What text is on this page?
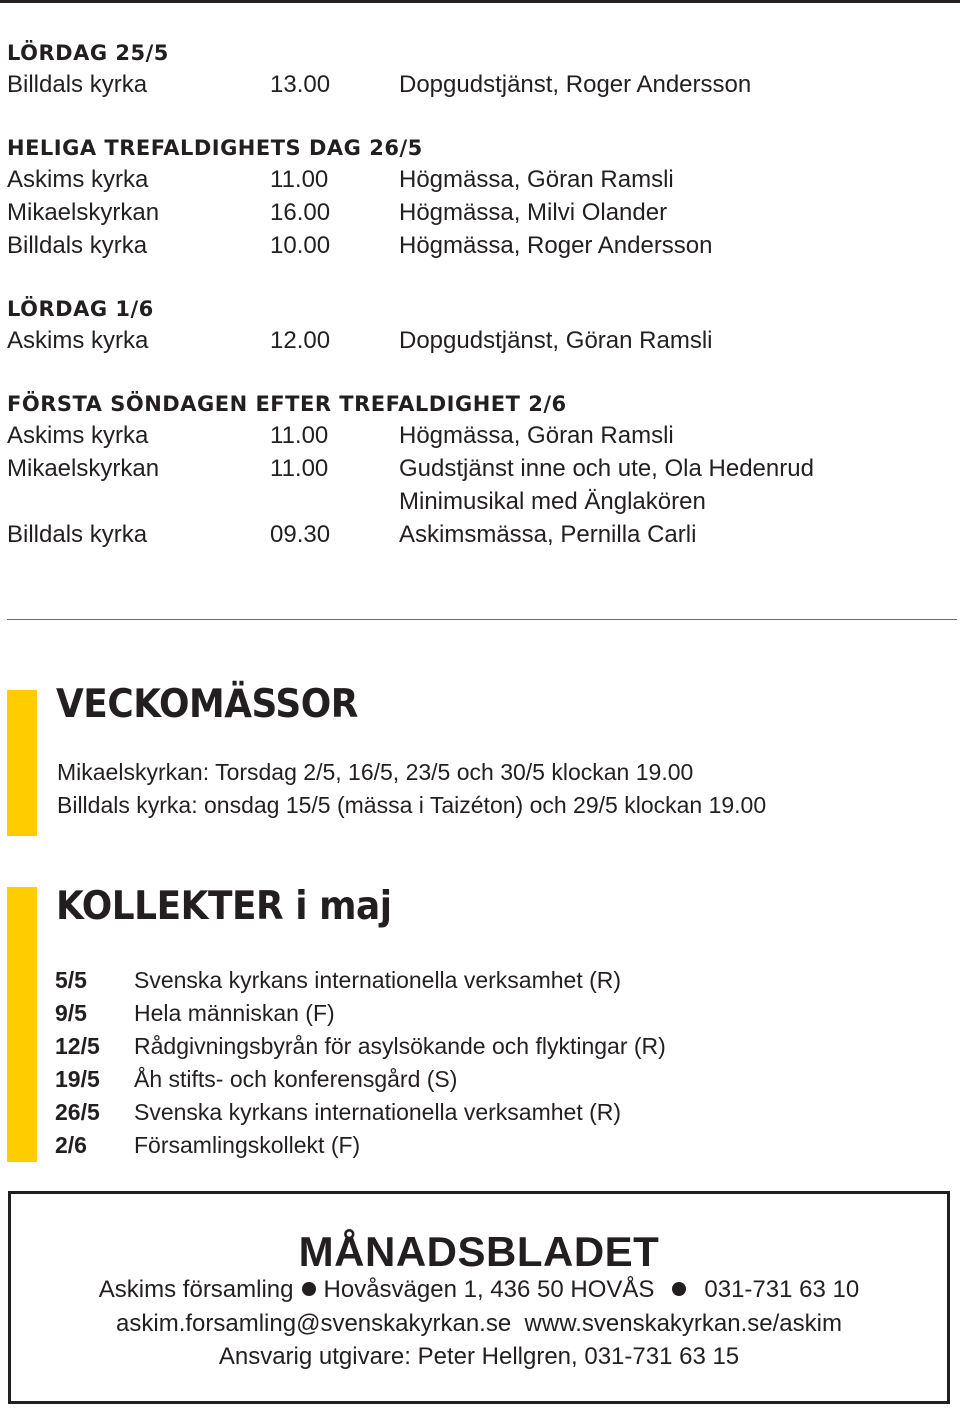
LÖRDAG 25/5
Billdals kyrka	13.00	Dopgudstjänst, Roger Andersson
HELIGA TREFALDIGHETS DAG 26/5
Askims kyrka	11.00	Högmässa, Göran Ramsli
Mikaelskyrkan	16.00	Högmässa, Milvi Olander
Billdals kyrka	10.00	Högmässa, Roger Andersson
LÖRDAG 1/6
Askims kyrka	12.00	Dopgudstjänst, Göran Ramsli
FÖRSTA SÖNDAGEN EFTER TREFALDIGHET 2/6
Askims kyrka	11.00	Högmässa, Göran Ramsli
Mikaelskyrkan	11.00	Gudstjänst inne och ute, Ola Hedenrud
Minimusikal med Änglakören
Billdals kyrka	09.30	Askimsmässa, Pernilla Carli
VECKOMÄSSOR
Mikaelskyrkan: Torsdag 2/5, 16/5, 23/5 och 30/5 klockan 19.00
Billdals kyrka: onsdag 15/5 (mässa i Taizéton) och 29/5 klockan 19.00
KOLLEKTER i maj
5/5 Svenska kyrkans internationella verksamhet (R)
9/5 Hela människan (F)
12/5 Rådgivningsbyrån för asylsökande och flyktingar (R)
19/5 Åh stifts- och konferensgård (S)
26/5 Svenska kyrkans internationella verksamhet (R)
2/6 Församlingskollekt (F)
MÅNADSBLADET
Askims församling Hovåsvägen 1, 436 50 HOVÅS 031-731 63 10
askim.forsamling@svenskakyrkan.se www.svenskakyrkan.se/askim
Ansvarig utgivare: Peter Hellgren, 031-731 63 15
